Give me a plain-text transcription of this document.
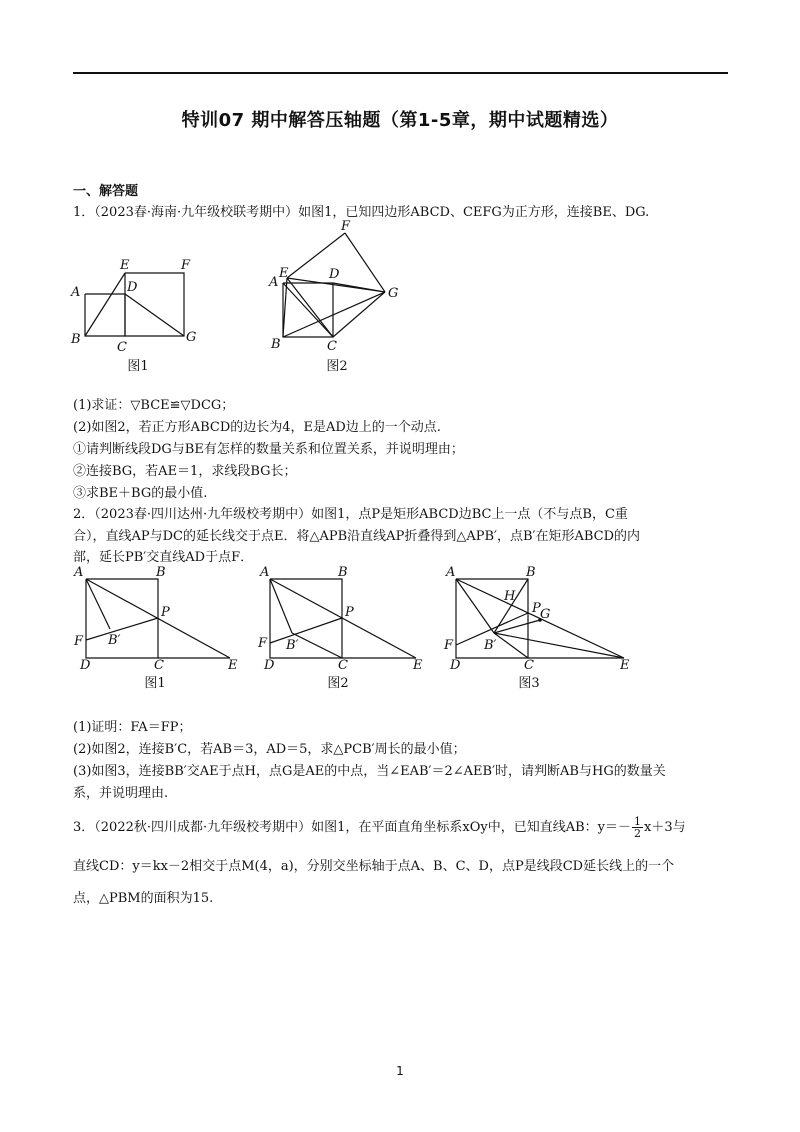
特训07 期中解答压轴题（第1-5章，期中试题精选）
一、解答题
1．（2023春·海南·九年级校联考期中）如图1，已知四边形ABCD、CEFG为正方形，连接BE、DG.
A
B
C
D
E	F
G
图1
A
B	C
D
E
F
G
图2
(1)求证：▽BCE≌▽DCG；
(2)如图2，若正方形ABCD的边长为4，E是AD边上的一个动点.
①请判断线段DG与BE有怎样的数量关系和位置关系，并说明理由；
②连接BG，若AE＝1，求线段BG长；
③求BE＋BG的最小值.
2．（2023春·四川达州·九年级校考期中）如图1，点P是矩形ABCD边BC上一点（不与点B，C重
合），直线AP与DC的延长线交于点E．将△APB沿直线AP折叠得到△APB′，点B′在矩形ABCD的内
部，延长PB′交直线AD于点F．
A	B
P
F B′
D	C	E
图1
A	B
P
F B′
D	C	E
图2
A	B
H
P G
F B′
D	C	E
图3
(1)证明：FA＝FP；
(2)如图2，连接B′C，若AB＝3，AD＝5，求△PCB′周长的最小值；
(3)如图3，连接BB′交AE于点H，点G是AE的中点，当∠EAB′＝2∠AEB′时，请判断AB与HG的数量关
系，并说明理由.
3．（2022秋·四川成都·九年级校考期中）如图1，在平面直角坐标系xOy中，已知直线AB：$y=- \frac{1}{2} x+3$与
直线CD：y＝kx－2相交于点M(4，a)，分别交坐标轴于点A、B、C、D，点P是线段CD延长线上的一个
点，△PBM的面积为15.
1
